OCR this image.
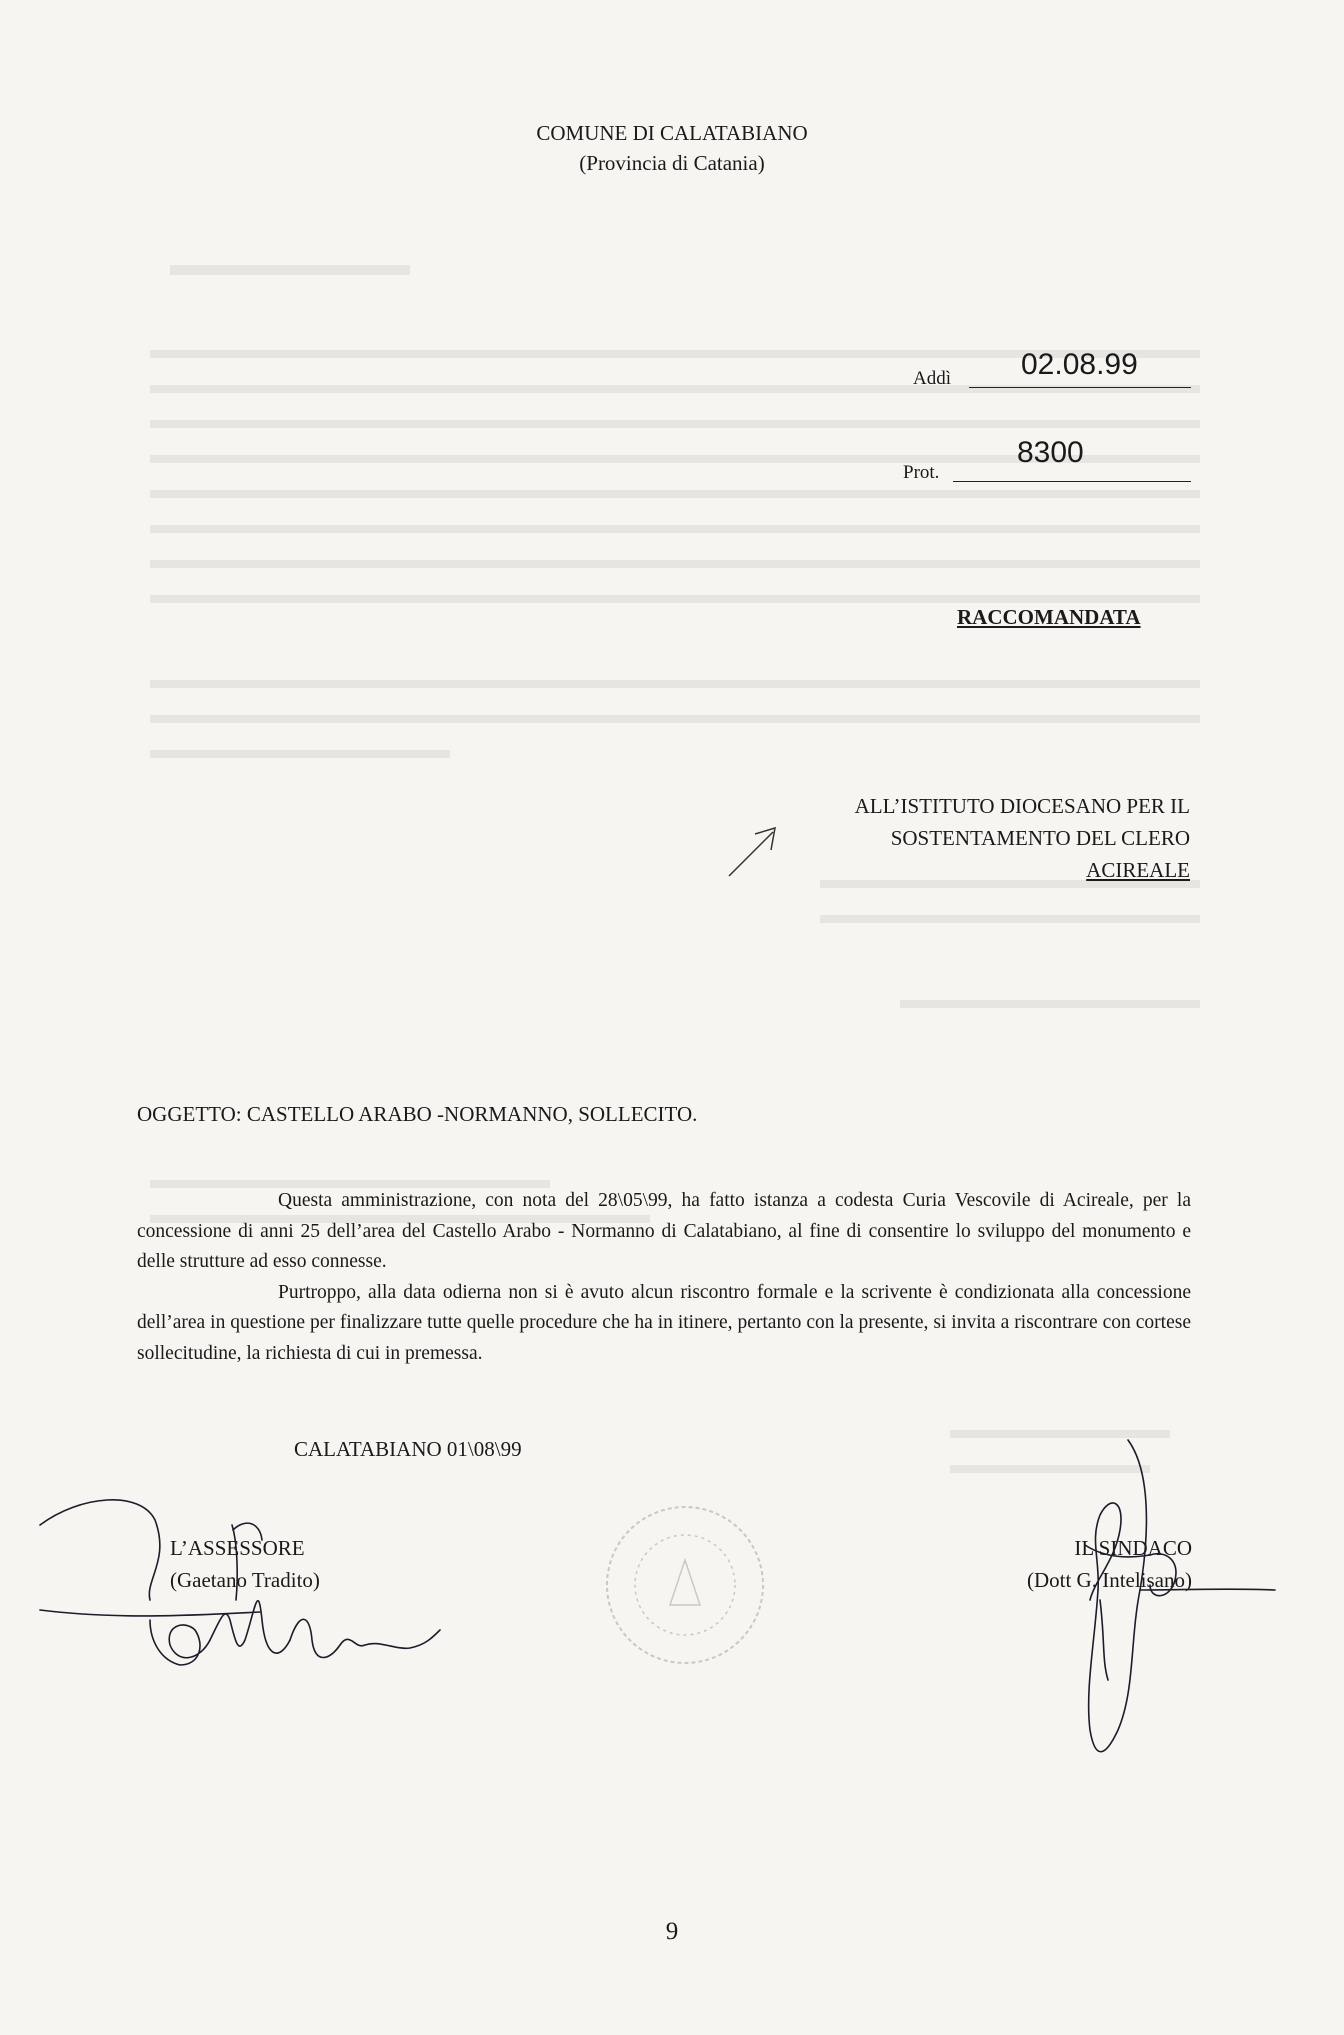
COMUNE DI CALATABIANO
(Provincia di Catania)
Addì 02.08.99
Prot.
8300
RACCOMANDATA
ALL’ISTITUTO DIOCESANO PER IL
SOSTENTAMENTO DEL CLERO
ACIREALE
OGGETTO: CASTELLO ARABO -NORMANNO, SOLLECITO.

Questa amministrazione, con nota del 28\05\99, ha fatto istanza a codesta Curia Vescovile di Acireale, per la concessione di anni 25 dell’area del Castello Arabo - Normanno di Calatabiano, al fine di consentire lo sviluppo del monumento e delle strutture ad esso connesse.

Purtroppo, alla data odierna non si è avuto alcun riscontro formale e la scrivente è condizionata alla concessione dell’area in questione per finalizzare tutte quelle procedure che ha in itinere, pertanto con la presente, si invita a riscontrare con cortese sollecitudine, la richiesta di cui in premessa.

CALATABIANO 01\08\99
L’ASSESSORE
(Gaetano Tradito)
IL SINDACO
(Dott G. Intelisano)
9
